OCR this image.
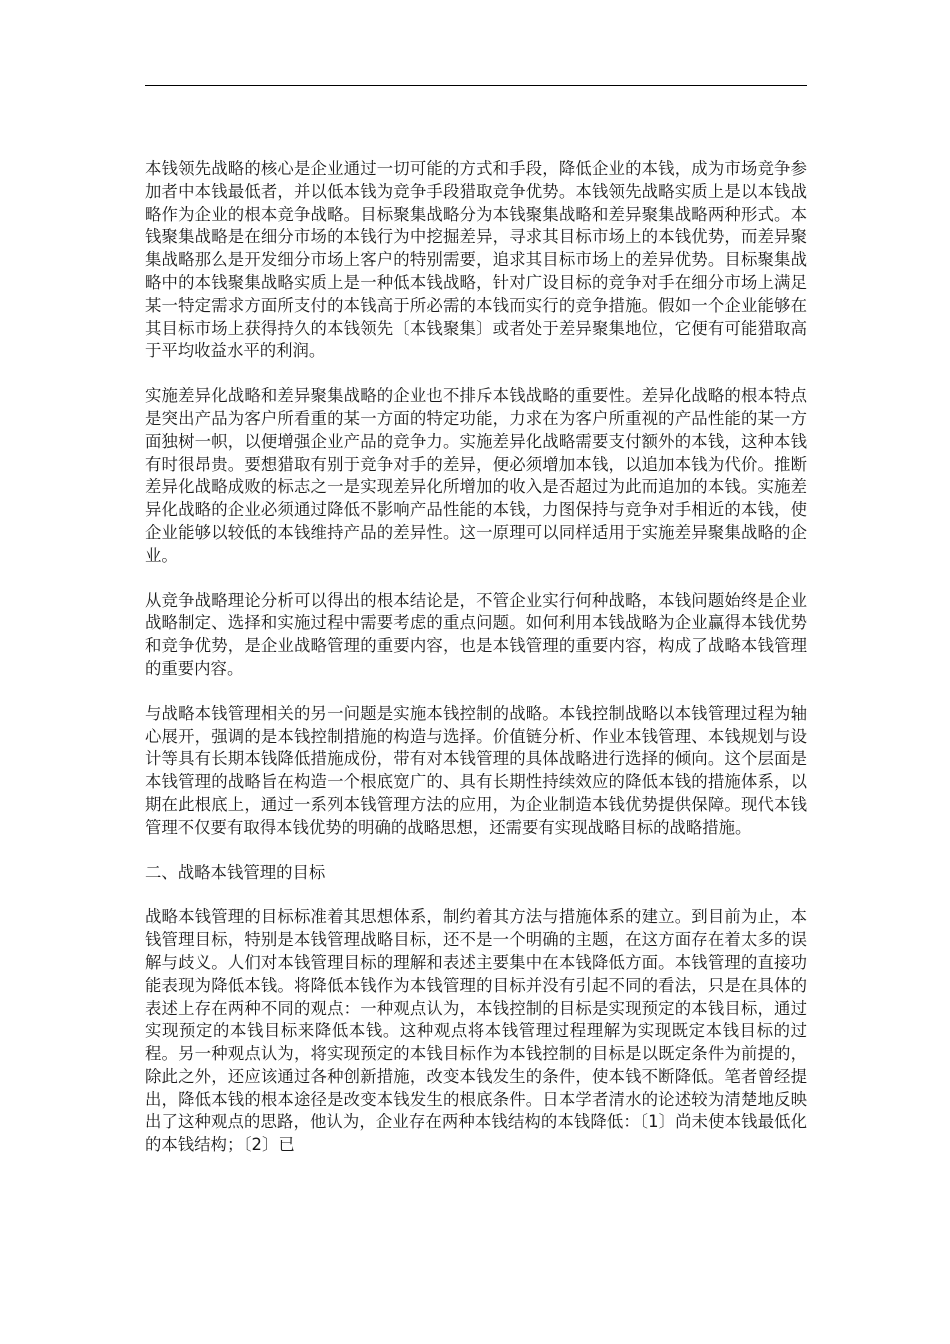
本钱领先战略的核心是企业通过一切可能的方式和手段，降低企业的本钱，成为市场竞争参加者中本钱最低者，并以低本钱为竞争手段猎取竞争优势。本钱领先战略实质上是以本钱战略作为企业的根本竞争战略。目标聚集战略分为本钱聚集战略和差异聚集战略两种形式。本钱聚集战略是在细分市场的本钱行为中挖掘差异，寻求其目标市场上的本钱优势，而差异聚集战略那么是开发细分市场上客户的特别需要，追求其目标市场上的差异优势。目标聚集战略中的本钱聚集战略实质上是一种低本钱战略，针对广设目标的竞争对手在细分市场上满足某一特定需求方面所支付的本钱高于所必需的本钱而实行的竞争措施。假如一个企业能够在其目标市场上获得持久的本钱领先〔本钱聚集〕或者处于差异聚集地位，它便有可能猎取高于平均收益水平的利润。

实施差异化战略和差异聚集战略的企业也不排斥本钱战略的重要性。差异化战略的根本特点是突出产品为客户所看重的某一方面的特定功能，力求在为客户所重视的产品性能的某一方面独树一帜，以便增强企业产品的竞争力。实施差异化战略需要支付额外的本钱，这种本钱有时很昂贵。要想猎取有别于竞争对手的差异，便必须增加本钱，以追加本钱为代价。推断差异化战略成败的标志之一是实现差异化所增加的收入是否超过为此而追加的本钱。实施差异化战略的企业必须通过降低不影响产品性能的本钱，力图保持与竞争对手相近的本钱，使企业能够以较低的本钱维持产品的差异性。这一原理可以同样适用于实施差异聚集战略的企业。

从竞争战略理论分析可以得出的根本结论是，不管企业实行何种战略，本钱问题始终是企业战略制定、选择和实施过程中需要考虑的重点问题。如何利用本钱战略为企业赢得本钱优势和竞争优势，是企业战略管理的重要内容，也是本钱管理的重要内容，构成了战略本钱管理的重要内容。

与战略本钱管理相关的另一问题是实施本钱控制的战略。本钱控制战略以本钱管理过程为轴心展开，强调的是本钱控制措施的构造与选择。价值链分析、作业本钱管理、本钱规划与设计等具有长期本钱降低措施成份，带有对本钱管理的具体战略进行选择的倾向。这个层面是本钱管理的战略旨在构造一个根底宽广的、具有长期性持续效应的降低本钱的措施体系，以期在此根底上，通过一系列本钱管理方法的应用，为企业制造本钱优势提供保障。现代本钱管理不仅要有取得本钱优势的明确的战略思想，还需要有实现战略目标的战略措施。

二、战略本钱管理的目标

战略本钱管理的目标标准着其思想体系，制约着其方法与措施体系的建立。到目前为止，本钱管理目标，特别是本钱管理战略目标，还不是一个明确的主题，在这方面存在着太多的误解与歧义。人们对本钱管理目标的理解和表述主要集中在本钱降低方面。本钱管理的直接功能表现为降低本钱。将降低本钱作为本钱管理的目标并没有引起不同的看法，只是在具体的表述上存在两种不同的观点：一种观点认为，本钱控制的目标是实现预定的本钱目标，通过实现预定的本钱目标来降低本钱。这种观点将本钱管理过程理解为实现既定本钱目标的过程。另一种观点认为，将实现预定的本钱目标作为本钱控制的目标是以既定条件为前提的，除此之外，还应该通过各种创新措施，改变本钱发生的条件，使本钱不断降低。笔者曾经提出，降低本钱的根本途径是改变本钱发生的根底条件。日本学者清水的论述较为清楚地反映出了这种观点的思路，他认为，企业存在两种本钱结构的本钱降低：〔1〕尚未使本钱最低化的本钱结构；〔2〕已
